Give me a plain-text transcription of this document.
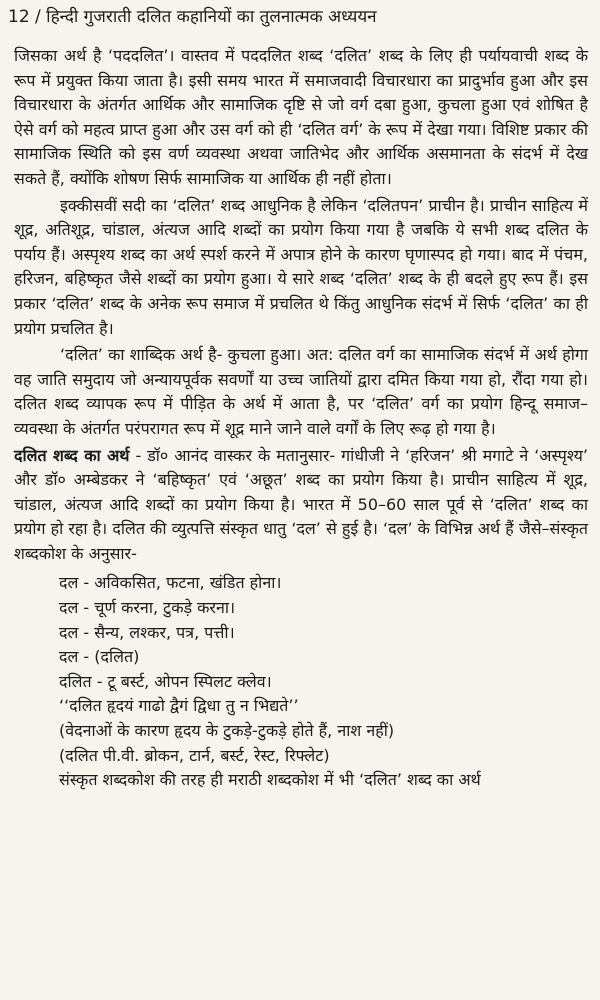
12 / हिन्दी गुजराती दलित कहानियों का तुलनात्मक अध्ययन

जिसका अर्थ है ‘पददलित’। वास्तव में पददलित शब्द ‘दलित’ शब्द के लिए ही पर्यायवाची शब्द के रूप में प्रयुक्त किया जाता है। इसी समय भारत में समाजवादी विचारधारा का प्रादुर्भाव हुआ और इस विचारधारा के अंतर्गत आर्थिक और सामाजिक दृष्टि से जो वर्ग दबा हुआ, कुचला हुआ एवं शोषित है ऐसे वर्ग को महत्व प्राप्त हुआ और उस वर्ग को ही ‘दलित वर्ग’ के रूप में देखा गया। विशिष्ट प्रकार की सामाजिक स्थिति को इस वर्ण व्यवस्था अथवा जातिभेद और आर्थिक असमानता के संदर्भ में देख सकते हैं, क्योंकि शोषण सिर्फ सामाजिक या आर्थिक ही नहीं होता।

इक्कीसवीं सदी का ‘दलित’ शब्द आधुनिक है लेकिन ‘दलितपन’ प्राचीन है। प्राचीन साहित्य में शूद्र, अतिशूद्र, चांडाल, अंत्यज आदि शब्दों का प्रयोग किया गया है जबकि ये सभी शब्द दलित के पर्याय हैं। अस्पृश्य शब्द का अर्थ स्पर्श करने में अपात्र होने के कारण घृणास्पद हो गया। बाद में पंचम, हरिजन, बहिष्कृत जैसे शब्दों का प्रयोग हुआ। ये सारे शब्द ‘दलित’ शब्द के ही बदले हुए रूप हैं। इस प्रकार ‘दलित’ शब्द के अनेक रूप समाज में प्रचलित थे किंतु आधुनिक संदर्भ में सिर्फ ‘दलित’ का ही प्रयोग प्रचलित है।

‘दलित’ का शाब्दिक अर्थ है- कुचला हुआ। अत: दलित वर्ग का सामाजिक संदर्भ में अर्थ होगा वह जाति समुदाय जो अन्यायपूर्वक सवर्णों या उच्च जातियों द्वारा दमित किया गया हो, रौंदा गया हो। दलित शब्द व्यापक रूप में पीड़ित के अर्थ में आता है, पर ‘दलित’ वर्ग का प्रयोग हिन्दू समाज–व्यवस्था के अंतर्गत परंपरागत रूप में शूद्र माने जाने वाले वर्गों के लिए रूढ़ हो गया है।

दलित शब्द का अर्थ - डॉ० आनंद वास्कर के मतानुसार- गांधीजी ने ‘हरिजन’ श्री मगाटे ने ‘अस्पृश्य’ और डॉ० अम्बेडकर ने ‘बहिष्कृत’ एवं ‘अछूत’ शब्द का प्रयोग किया है। प्राचीन साहित्य में शूद्र, चांडाल, अंत्यज आदि शब्दों का प्रयोग किया है। भारत में 50–60 साल पूर्व से ‘दलित’ शब्द का प्रयोग हो रहा है। दलित की व्युत्पत्ति संस्कृत धातु ‘दल’ से हुई है। ‘दल’ के विभिन्न अर्थ हैं जैसे–संस्कृत शब्दकोश के अनुसार-

दल - अविकसित, फटना, खंडित होना।
दल - चूर्ण करना, टुकड़े करना।
दल - सैन्य, लश्कर, पत्र, पत्ती।
दल - (दलित)
दलित - टू बर्स्ट, ओपन स्पिलट क्लेव।
‘‘दलित हृदयं गाढो द्वैगं द्विधा तु न भिद्यते’’
(वेदनाओं के कारण हृदय के टुकड़े-टुकड़े होते हैं, नाश नहीं)
(दलित पी.वी. ब्रोकन, टार्न, बर्स्ट, रेस्ट, रिफ्लेट)
संस्कृत शब्दकोश की तरह ही मराठी शब्दकोश में भी ‘दलित’ शब्द का अर्थ
